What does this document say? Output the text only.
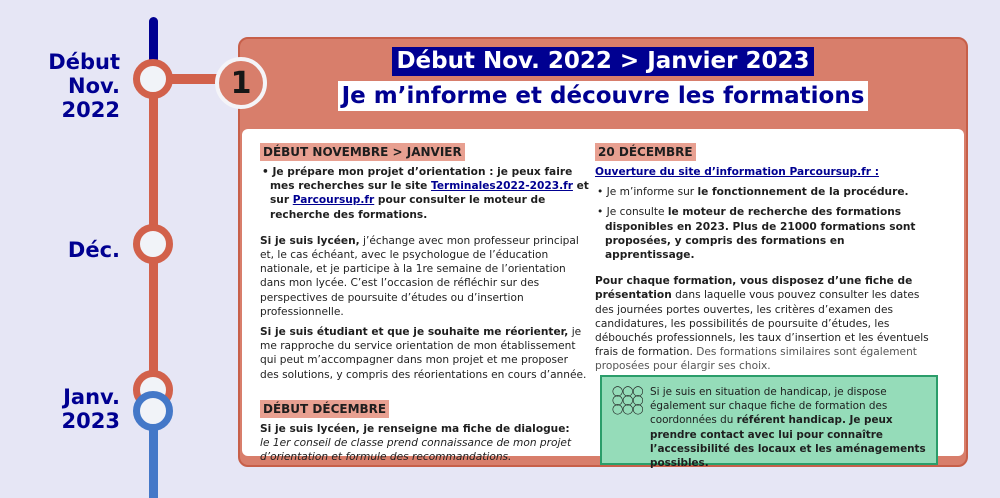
Début
Nov.
2022
Déc.
Janv.
2023
1
Début Nov. 2022 > Janvier 2023
Je m’informe et découvre les formations
DÉBUT NOVEMBRE > JANVIER
• Je prépare mon projet d’orientation : je peux faire mes recherches sur le site Terminales2022-2023.fr et sur Parcoursup.fr pour consulter le moteur de recherche des formations.
Si je suis lycéen, j’échange avec mon professeur principal et, le cas échéant, avec le psychologue de l’éducation nationale, et je participe à la 1re semaine de l’orientation dans mon lycée. C’est l’occasion de réfléchir sur des perspectives de poursuite d’études ou d’insertion professionnelle.
Si je suis étudiant et que je souhaite me réorienter, je me rapproche du service orientation de mon établissement qui peut m’accompagner dans mon projet et me proposer des solutions, y compris des réorientations en cours d’année.
DÉBUT DÉCEMBRE
Si je suis lycéen, je renseigne ma fiche de dialogue:
le 1er conseil de classe prend connaissance de mon projet d’orientation et formule des recommandations.
20 DÉCEMBRE
Ouverture du site d’information Parcoursup.fr :
• Je m’informe sur le fonctionnement de la procédure.
• Je consulte le moteur de recherche des formations disponibles en 2023. Plus de 21000 formations sont proposées, y compris des formations en apprentissage.
Pour chaque formation, vous disposez d’une fiche de présentation dans laquelle vous pouvez consulter les dates des journées portes ouvertes, les critères d’examen des candidatures, les possibilités de poursuite d’études, les débouchés professionnels, les taux d’insertion et les éventuels frais de formation. Des formations similaires sont également proposées pour élargir ses choix.
◯◯◯
◯◯◯
◯◯◯
Si je suis en situation de handicap, je dispose également sur chaque fiche de formation des coordonnées du référent handicap. Je peux prendre contact avec lui pour connaître l’accessibilité des locaux et les aménagements possibles.
